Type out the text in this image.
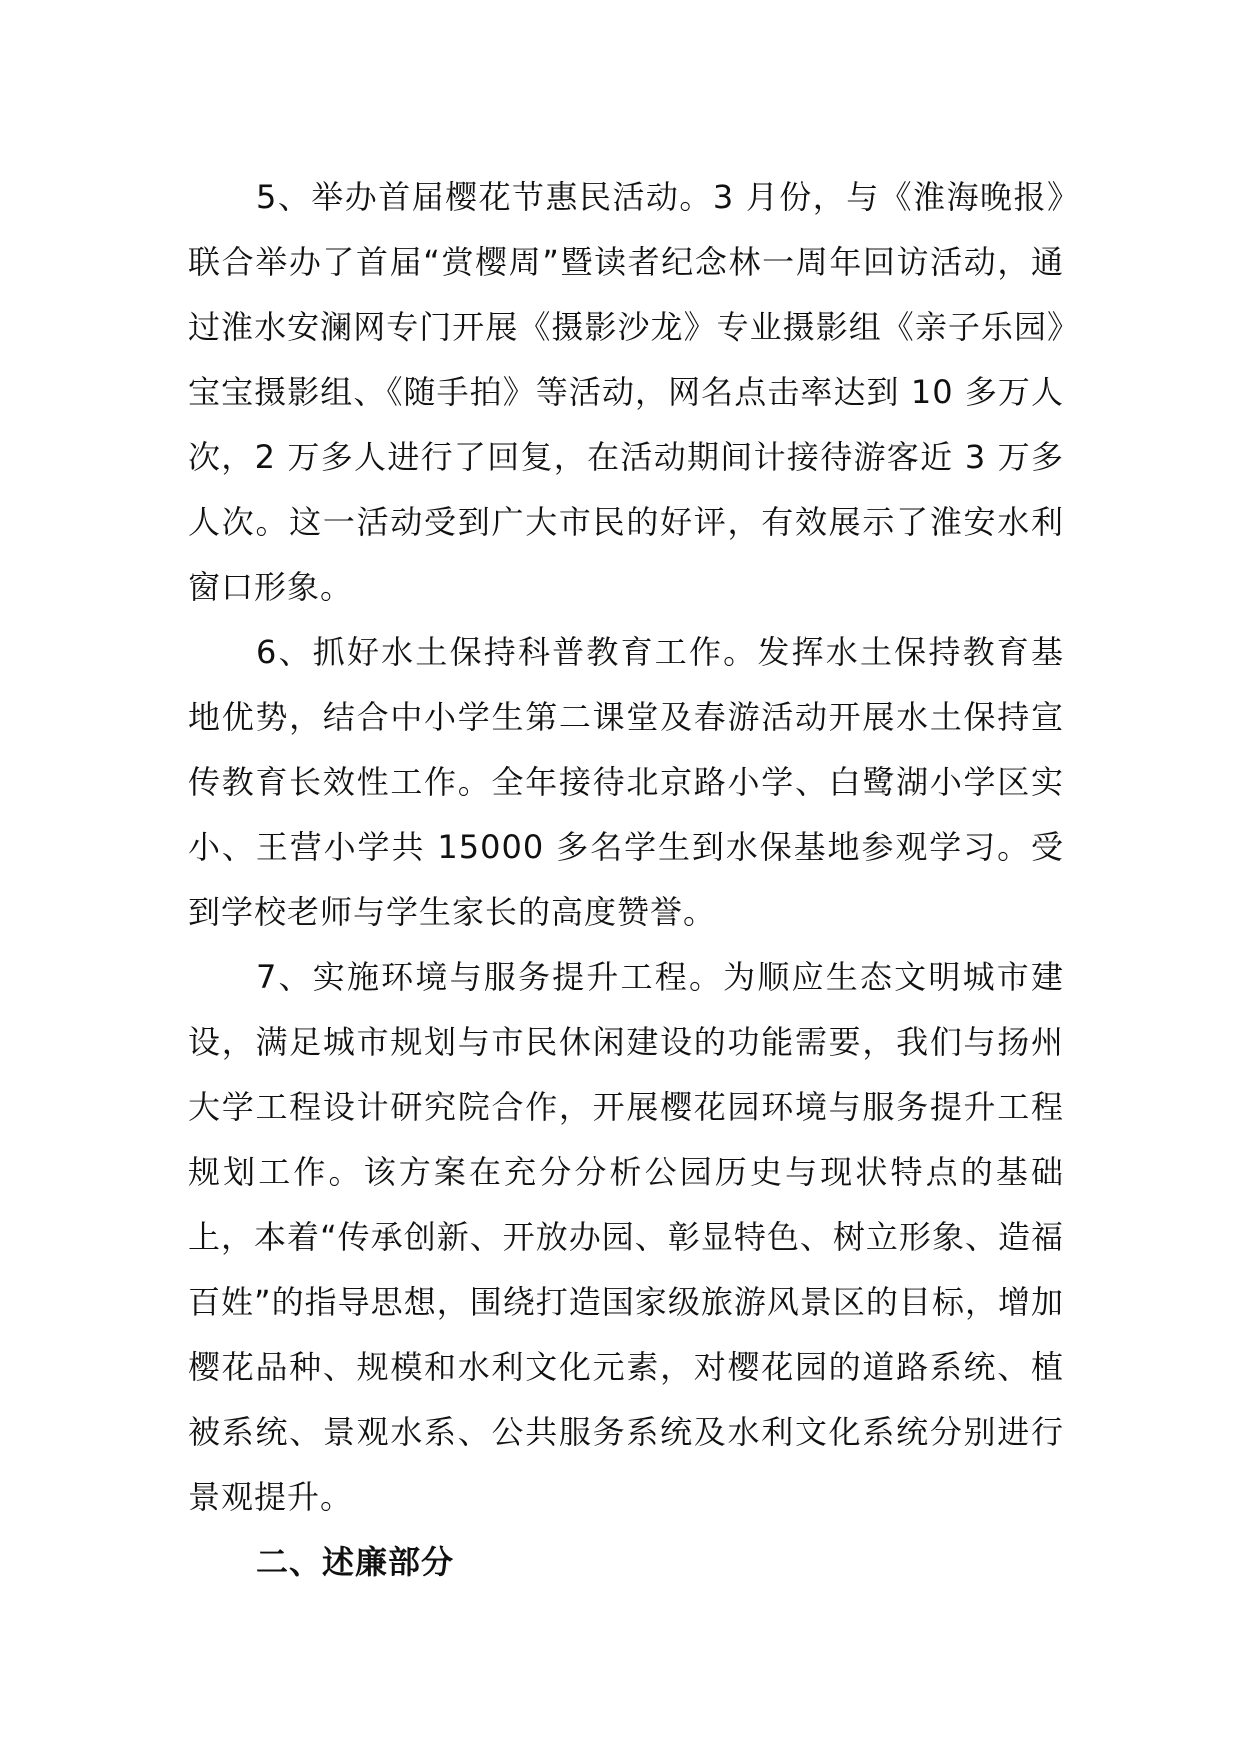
5、举办首届樱花节惠民活动。3 月份，与《淮海晚报》联合举办了首届“赏樱周”暨读者纪念林一周年回访活动，通过淮水安澜网专门开展《摄影沙龙》专业摄影组《亲子乐园》宝宝摄影组、《随手拍》等活动，网名点击率达到 10 多万人次，2 万多人进行了回复，在活动期间计接待游客近 3 万多人次。这一活动受到广大市民的好评，有效展示了淮安水利窗口形象。

6、抓好水土保持科普教育工作。发挥水土保持教育基地优势，结合中小学生第二课堂及春游活动开展水土保持宣传教育长效性工作。全年接待北京路小学、白鹭湖小学区实小、王营小学共 15000 多名学生到水保基地参观学习。受到学校老师与学生家长的高度赞誉。

7、实施环境与服务提升工程。为顺应生态文明城市建设，满足城市规划与市民休闲建设的功能需要，我们与扬州大学工程设计研究院合作，开展樱花园环境与服务提升工程规划工作。该方案在充分分析公园历史与现状特点的基础上，本着“传承创新、开放办园、彰显特色、树立形象、造福百姓”的指导思想，围绕打造国家级旅游风景区的目标，增加樱花品种、规模和水利文化元素，对樱花园的道路系统、植被系统、景观水系、公共服务系统及水利文化系统分别进行景观提升。

二、述廉部分
